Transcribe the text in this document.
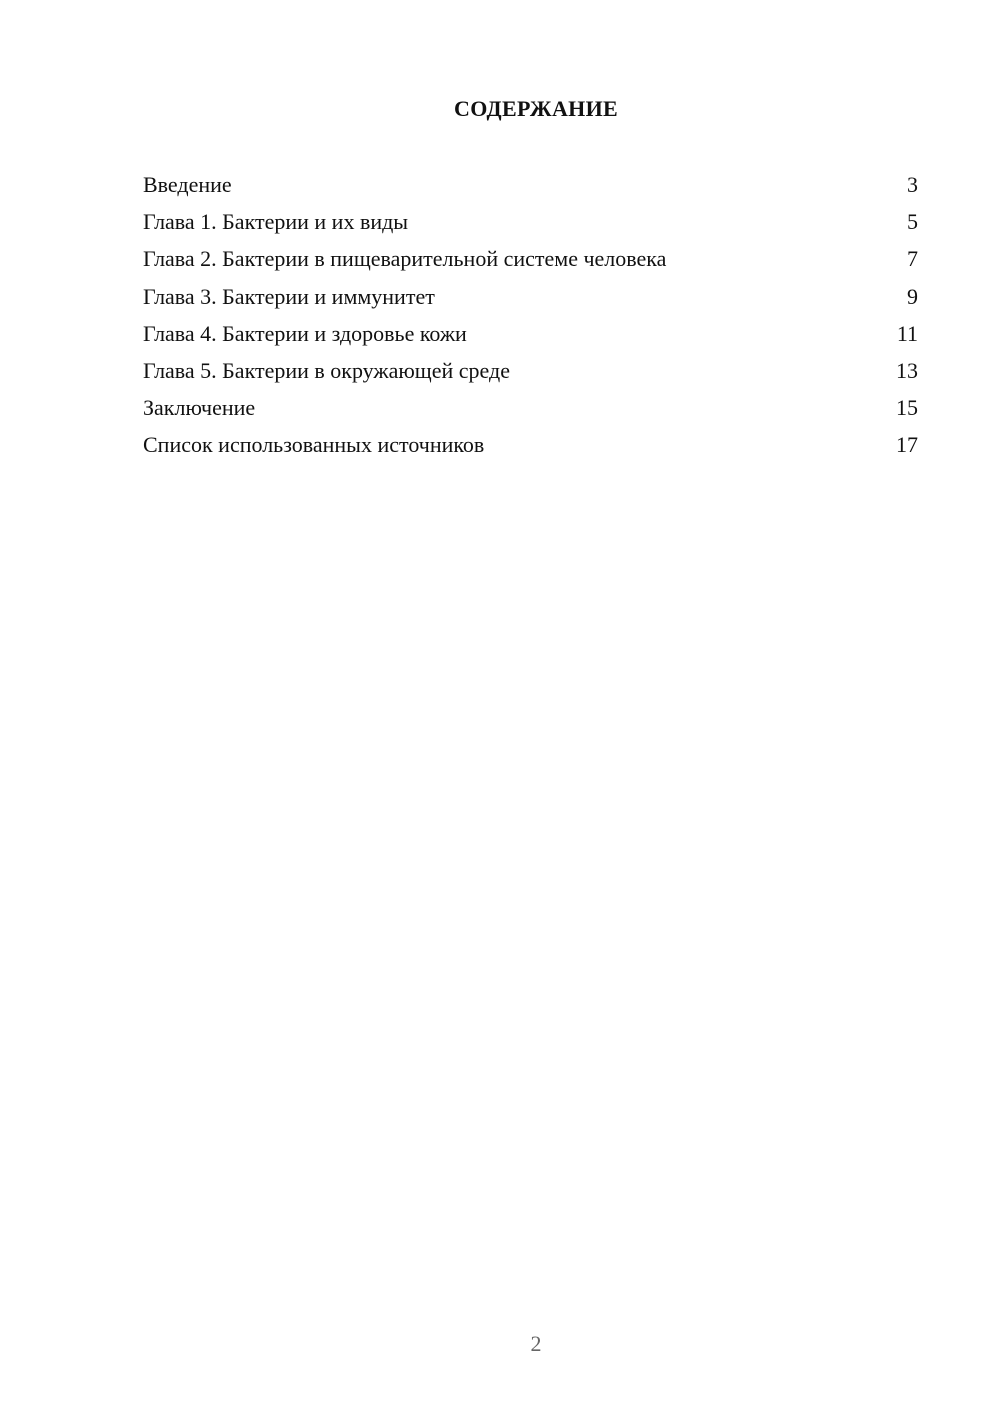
СОДЕРЖАНИЕ
Введение	3
Глава 1. Бактерии и их виды	5
Глава 2. Бактерии в пищеварительной системе человека	7
Глава 3. Бактерии и иммунитет	9
Глава 4. Бактерии и здоровье кожи	11
Глава 5. Бактерии в окружающей среде	13
Заключение	15
Список использованных источников	17
2
